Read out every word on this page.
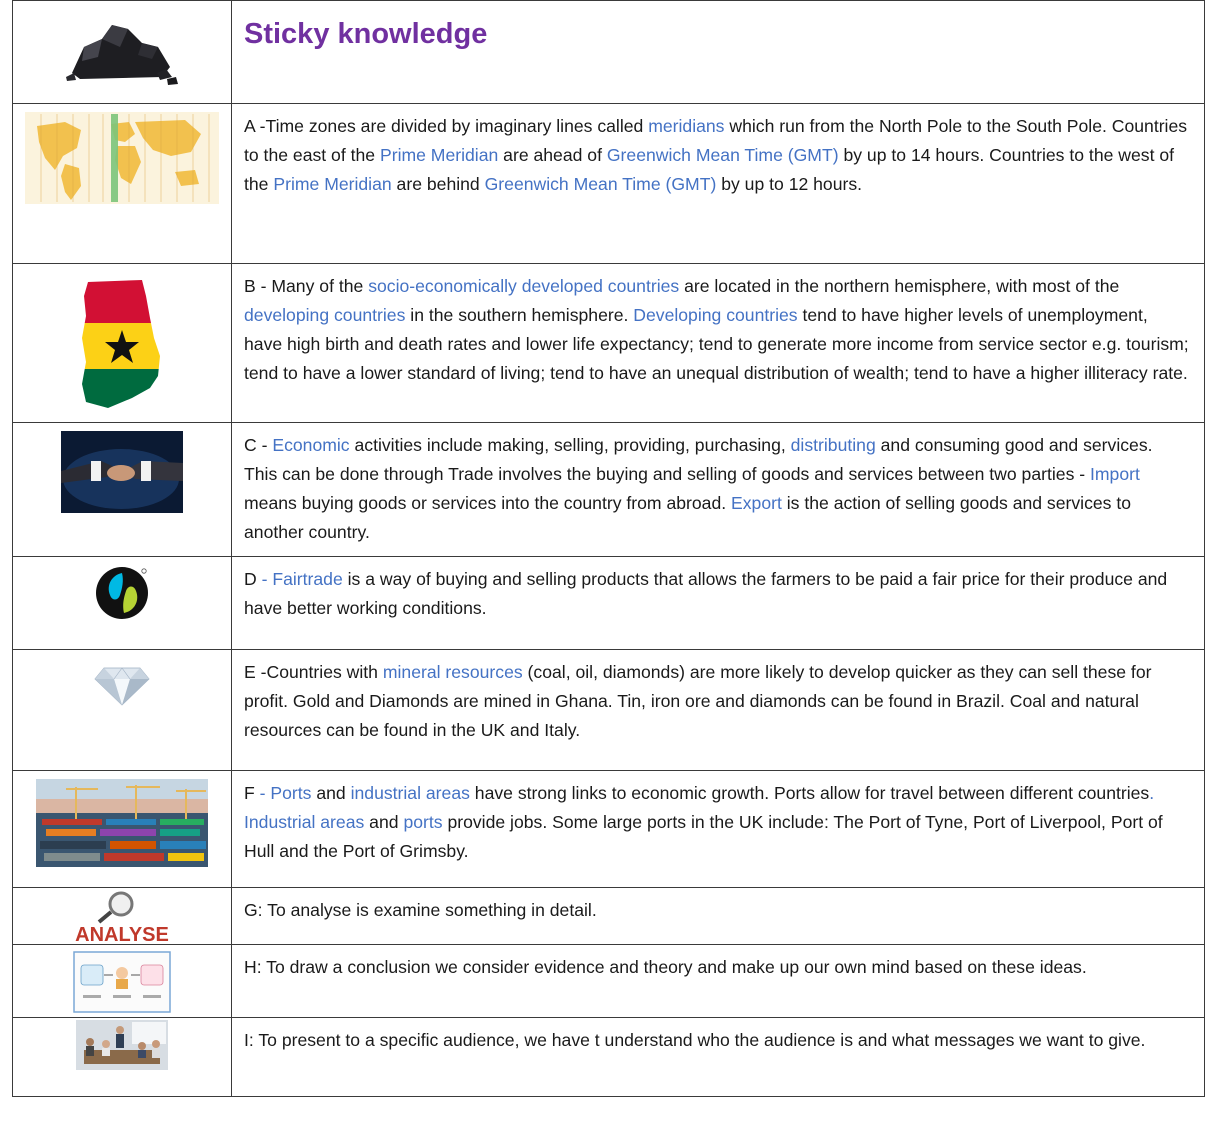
Sticky knowledge

A -Time zones are divided by imaginary lines called meridians which run from the North Pole to the South Pole. Countries to the east of the Prime Meridian are ahead of Greenwich Mean Time (GMT) by up to 14 hours. Countries to the west of the Prime Meridian are behind Greenwich Mean Time (GMT) by up to 12 hours.

B - Many of the socio-economically developed countries are located in the northern hemisphere, with most of the developing countries in the southern hemisphere. Developing countries tend to have higher levels of unemployment, have high birth and death rates and lower life expectancy; tend to generate more income from service sector e.g. tourism; tend to have a lower standard of living; tend to have an unequal distribution of wealth; tend to have a higher illiteracy rate.

C - Economic activities include making, selling, providing, purchasing, distributing and consuming good and services. This can be done through Trade involves the buying and selling of goods and services between two parties - Import means buying goods or services into the country from abroad. Export is the action of selling goods and services to another country.

D - Fairtrade is a way of buying and selling products that allows the farmers to be paid a fair price for their produce and have better working conditions.

E -Countries with mineral resources (coal, oil, diamonds) are more likely to develop quicker as they can sell these for profit. Gold and Diamonds are mined in Ghana. Tin, iron ore and diamonds can be found in Brazil. Coal and natural resources can be found in the UK and Italy.

F - Ports and industrial areas have strong links to economic growth. Ports allow for travel between different countries. Industrial areas and ports provide jobs. Some large ports in the UK include: The Port of Tyne, Port of Liverpool, Port of Hull and the Port of Grimsby.

ANALYSE	G: To analyse is examine something in detail.

H: To draw a conclusion we consider evidence and theory and make up our own mind based on these ideas.

I: To present to a specific audience, we have t understand who the audience is and what messages we want to give.
